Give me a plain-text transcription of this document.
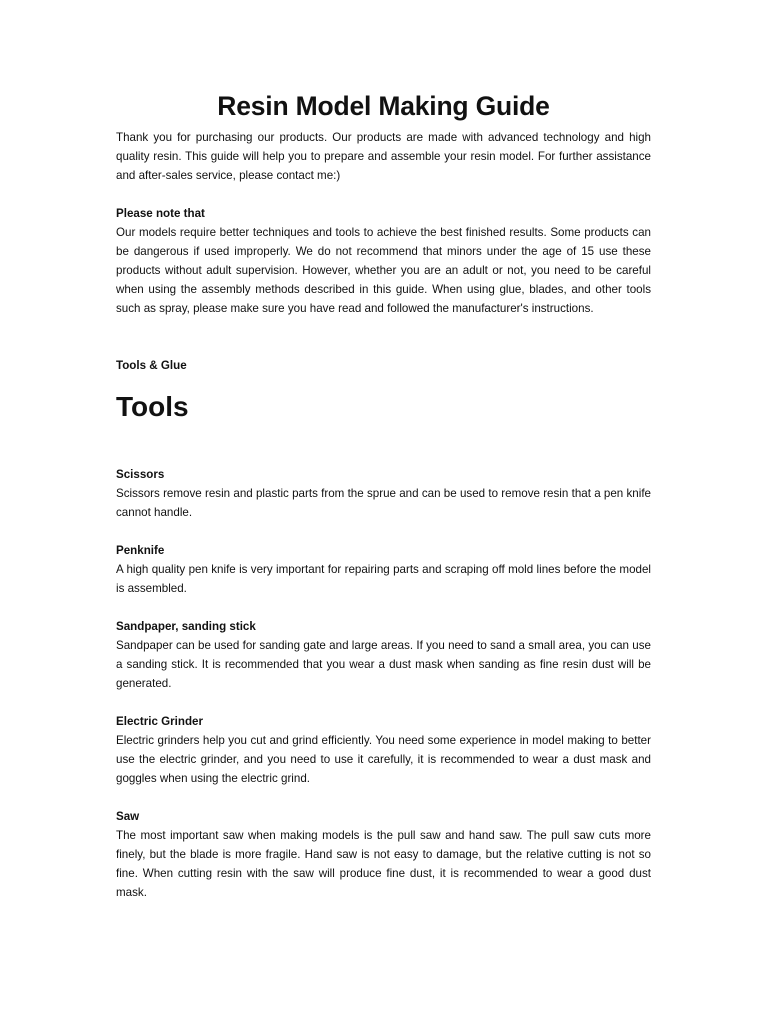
Resin Model Making Guide

Thank you for purchasing our products. Our products are made with advanced technology and high quality resin. This guide will help you to prepare and assemble your resin model. For further assistance and after-sales service, please contact me:)

Please note that

Our models require better techniques and tools to achieve the best finished results. Some products can be dangerous if used improperly. We do not recommend that minors under the age of 15 use these products without adult supervision. However, whether you are an adult or not, you need to be careful when using the assembly methods described in this guide. When using glue, blades, and other tools such as spray, please make sure you have read and followed the manufacturer's instructions.

Tools & Glue
Tools
Scissors

Scissors remove resin and plastic parts from the sprue and can be used to remove resin that a pen knife cannot handle.

Penknife

A high quality pen knife is very important for repairing parts and scraping off mold lines before the model is assembled.

Sandpaper, sanding stick

Sandpaper can be used for sanding gate and large areas. If you need to sand a small area, you can use a sanding stick. It is recommended that you wear a dust mask when sanding as fine resin dust will be generated.

Electric Grinder

Electric grinders help you cut and grind efficiently. You need some experience in model making to better use the electric grinder, and you need to use it carefully, it is recommended to wear a dust mask and goggles when using the electric grind.

Saw

The most important saw when making models is the pull saw and hand saw. The pull saw cuts more finely, but the blade is more fragile. Hand saw is not easy to damage, but the relative cutting is not so fine. When cutting resin with the saw will produce fine dust, it is recommended to wear a good dust mask.
